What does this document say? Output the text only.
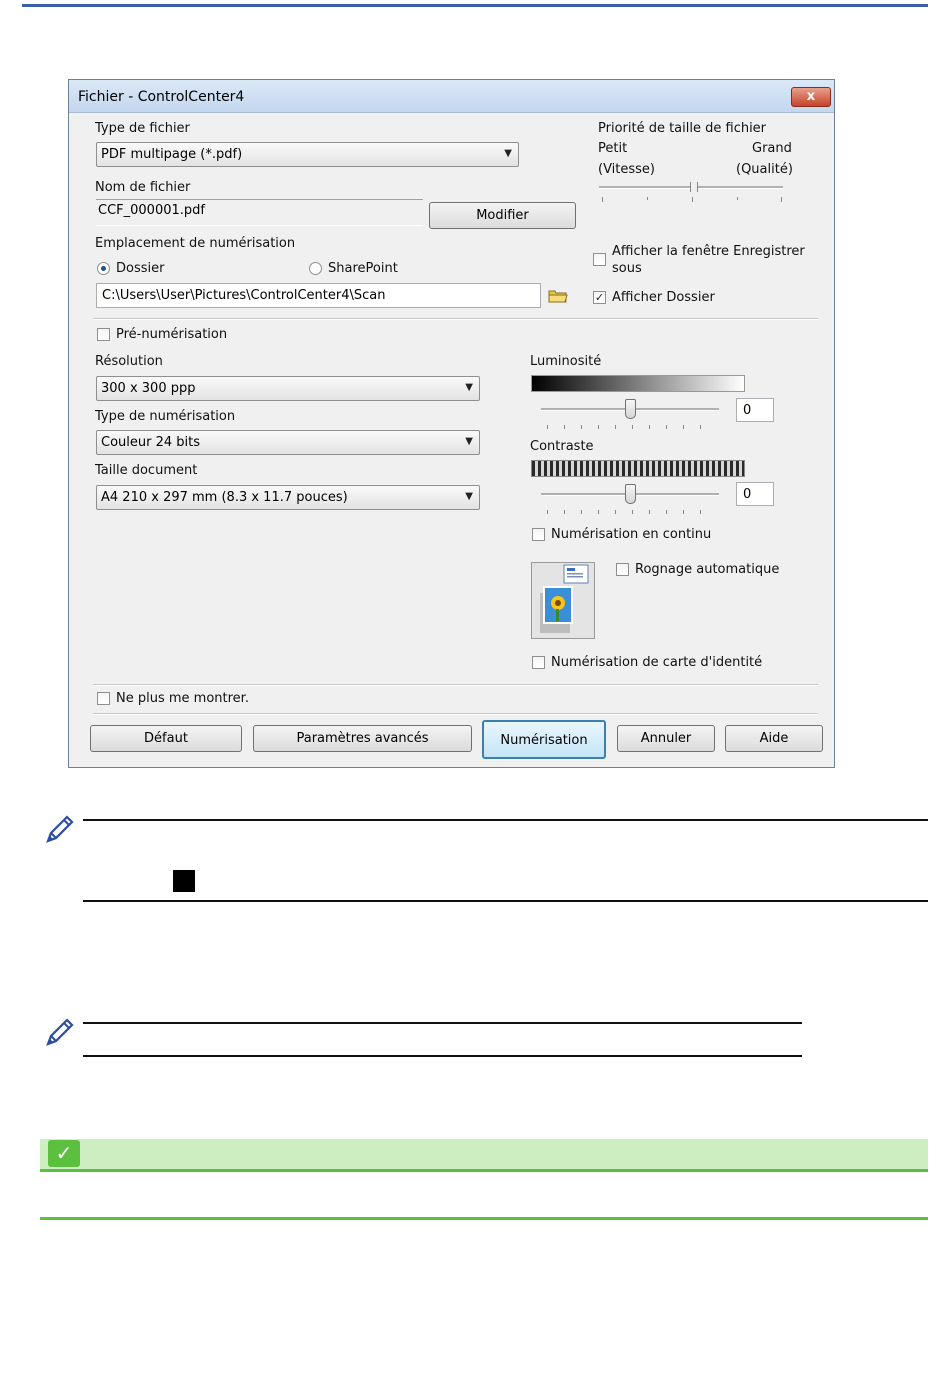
Fichier - ControlCenter4	x
Type de fichier
PDF multipage (*.pdf)	▼
Priorité de taille de fichier
Petit
(Vitesse)
Grand
(Qualité)
Nom de fichier
CCF_000001.pdf	Modifier
Emplacement de numérisation
Dossier	SharePoint
C:\Users\User\Pictures\ControlCenter4\Scan
Afficher la fenêtre Enregistrer
sous
✓ Afficher Dossier
Pré-numérisation
Résolution
300 x 300 ppp	▼
Type de numérisation
Couleur 24 bits	▼
Taille document
A4 210 x 297 mm (8.3 x 11.7 pouces)	▼
Luminosité
0
Contraste
0
Numérisation en continu
Rognage automatique
Numérisation de carte d'identité
Ne plus me montrer.
Défaut	Paramètres avancés	Numérisation	Annuler	Aide
✓
